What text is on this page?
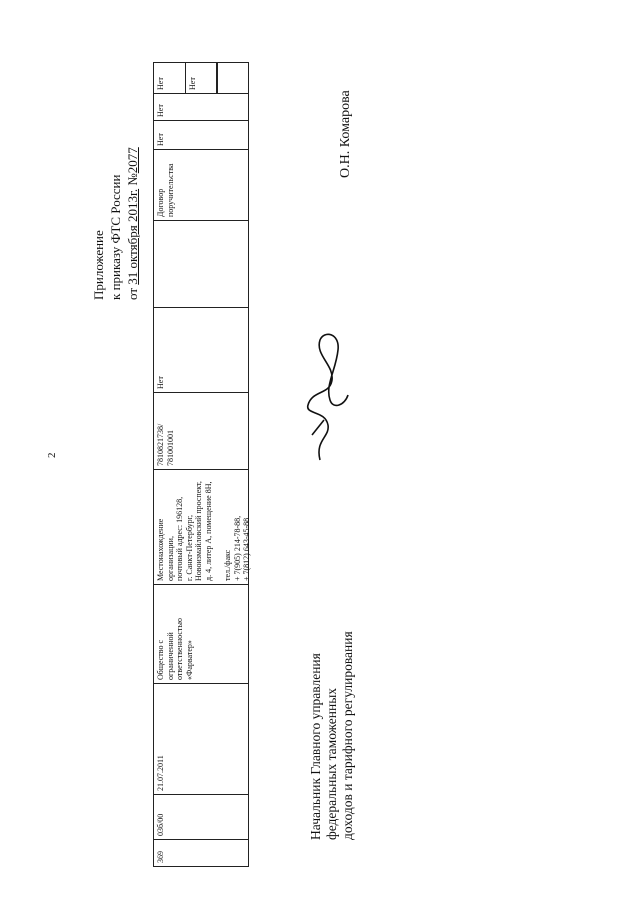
2
Приложение к приказу ФТС России от 31 октября 2013г. №2077
369
03б/00
21.07.2011
Общество с ограниченной ответственностью «Фарватер»
Местонахождение организации, почтовый адрес: 196128, г. Санкт-Петербург, Новоизмайловский проспект, д. 4, литер А, помещение 8Н, тел./факс + 7(905) 214-78-88, + 7(812) 643-45-88
7810821738/ 781001001
Нет
Договор поручительства
Нет
Нет
Нет	Нет
О.Н. Комарова
Начальник Главного управления федеральных таможенных доходов и тарифного регулирования
